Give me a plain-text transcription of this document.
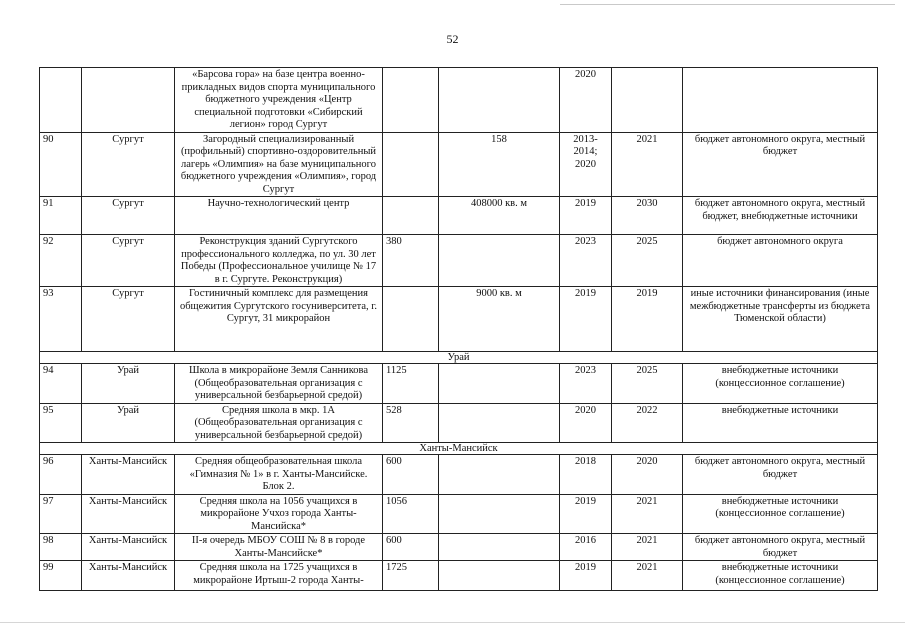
52
		«Барсова гора» на базе центра военно-прикладных видов спорта муниципального бюджетного учреждения «Центр специальной подготовки «Сибирский легион» город Сургут			2020		
90	Сургут	Загородный специализированный (профильный) спортивно-оздоровительный лагерь «Олимпия» на базе муниципального бюджетного учреждения «Олимпия», город Сургут		158	2013-2014; 2020	2021	бюджет автономного округа, местный бюджет
91	Сургут	Научно-технологический центр		408000 кв. м	2019	2030	бюджет автономного округа, местный бюджет, внебюджетные источники
92	Сургут	Реконструкция зданий Сургутского профессионального колледжа, по ул. 30 лет Победы (Профессиональное училище № 17 в г. Сургуте. Реконструкция)	380		2023	2025	бюджет автономного округа
93	Сургут	Гостиничный комплекс для размещения общежития Сургутского госуниверситета, г. Сургут, 31 микрорайон		9000 кв. м	2019	2019	иные источники финансирования (иные межбюджетные трансферты из бюджета Тюменской области)
Урай							
94	Урай	Школа в микрорайоне Земля Санникова (Общеобразовательная организация с универсальной безбарьерной средой)	1125		2023	2025	внебюджетные источники (концессионное соглашение)
95	Урай	Средняя школа в мкр. 1А (Общеобразовательная организация с универсальной безбарьерной средой)	528		2020	2022	внебюджетные источники
Ханты-Мансийск							
96	Ханты-Мансийск	Средняя общеобразовательная школа «Гимназия № 1» в г. Ханты-Мансийске. Блок 2.	600		2018	2020	бюджет автономного округа, местный бюджет
97	Ханты-Мансийск	Средняя школа на 1056 учащихся в микрорайоне Учхоз города Ханты-Мансийска*	1056		2019	2021	внебюджетные источники (концессионное соглашение)
98	Ханты-Мансийск	II-я очередь МБОУ СОШ № 8 в городе Ханты-Мансийске*	600		2016	2021	бюджет автономного округа, местный бюджет
99	Ханты-Мансийск	Средняя школа на 1725 учащихся в микрорайоне Иртыш-2 города Ханты-	1725		2019	2021	внебюджетные источники (концессионное соглашение)
